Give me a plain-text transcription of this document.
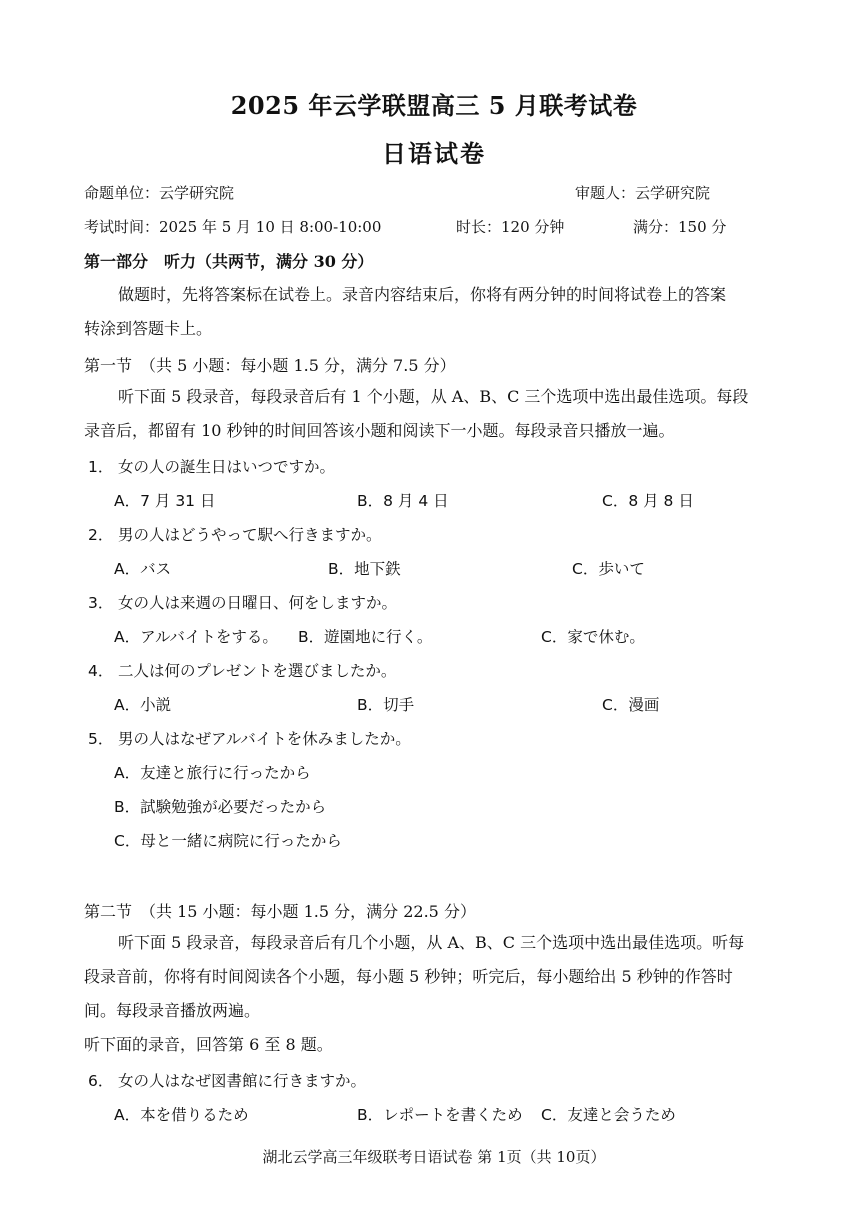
2025 年云学联盟高三 5 月联考试卷
日语试卷
命题单位：云学研究院	审题人：云学研究院
考试时间：2025 年 5 月 10 日 8:00-10:00	时长：120 分钟	满分：150 分
第一部分　听力（共两节，满分 30 分）
做题时，先将答案标在试卷上。录音内容结束后，你将有两分钟的时间将试卷上的答案
转涂到答题卡上。
第一节　（共 5 小题：每小题 1.5 分，满分 7.5 分）
听下面 5 段录音，每段录音后有 1 个小题，从 A、B、C 三个选项中选出最佳选项。每段
录音后，都留有 10 秒钟的时间回答该小题和阅读下一小题。每段录音只播放一遍。
1． 女の人の誕生日はいつですか。
A．7 月 31 日	B．8 月 4 日	C．8 月 8 日
2． 男の人はどうやって駅へ行きますか。
A．バス	B．地下鉄	C．歩いて
3． 女の人は来週の日曜日、何をしますか。
A．アルバイトをする。 B．遊園地に行く。	C．家で休む。
4． 二人は何のプレゼントを選びましたか。
A．小説	B．切手	C．漫画
5． 男の人はなぜアルバイトを休みましたか。
A．友達と旅行に行ったから
B．試験勉強が必要だったから
C．母と一緒に病院に行ったから
第二节　（共 15 小题：每小题 1.5 分，满分 22.5 分）
听下面 5 段录音，每段录音后有几个小题，从 A、B、C 三个选项中选出最佳选项。听每
段录音前，你将有时间阅读各个小题，每小题 5 秒钟；听完后，每小题给出 5 秒钟的作答时
间。每段录音播放两遍。
听下面的录音，回答第 6 至 8 题。
6． 女の人はなぜ図書館に行きますか。
A．本を借りるため	B．レポートを書くため C．友達と会うため
湖北云学高三年级联考日语试卷 第 1页（共 10页）
